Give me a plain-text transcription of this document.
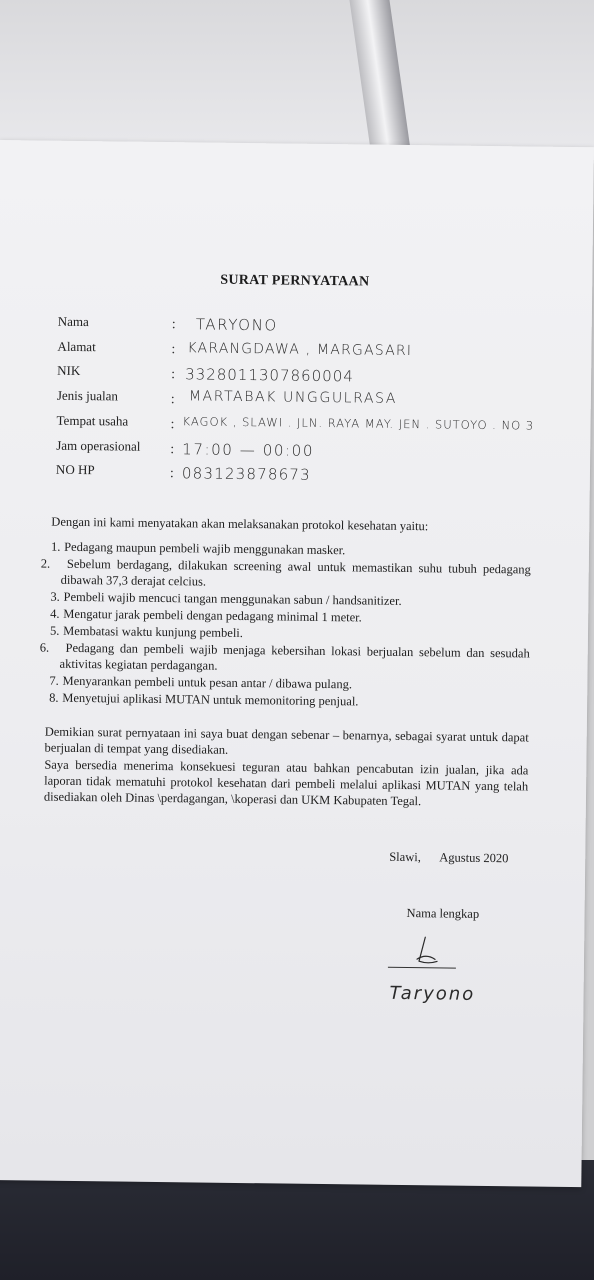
SURAT PERNYATAAN
Nama	: TARYONO
Alamat	: KARANGDAWA , MARGASARI
NIK	: 3328011307860004
Jenis jualan	: MARTABAK UNGGULRASA
Tempat usaha	: KAGOK , SLAWI . JLN. RAYA MAY. JEN . SUTOYO . NO 3
Jam operasional : 17:00 — 00:00
NO HP	: 083123878673
Dengan ini kami menyatakan akan melaksanakan protokol kesehatan yaitu:
1. Pedagang maupun pembeli wajib menggunakan masker.
2. Sebelum berdagang, dilakukan screening awal untuk memastikan suhu tubuh pedagang dibawah 37,3 derajat celcius.
3. Pembeli wajib mencuci tangan menggunakan sabun / handsanitizer.
4. Mengatur jarak pembeli dengan pedagang minimal 1 meter.
5. Membatasi waktu kunjung pembeli.
6. Pedagang dan pembeli wajib menjaga kebersihan lokasi berjualan sebelum dan sesudah aktivitas kegiatan perdagangan.
7. Menyarankan pembeli untuk pesan antar / dibawa pulang.
8. Menyetujui aplikasi MUTAN untuk memonitoring penjual.
Demikian surat pernyataan ini saya buat dengan sebenar – benarnya, sebagai syarat untuk dapat berjualan di tempat yang disediakan.
Saya bersedia menerima konsekuesi teguran atau bahkan pencabutan izin jualan, jika ada laporan tidak mematuhi protokol kesehatan dari pembeli melalui aplikasi MUTAN yang telah disediakan oleh Dinas \perdagangan, \koperasi dan UKM Kabupaten Tegal.
Slawi, Agustus 2020
Nama lengkap
Taryono
